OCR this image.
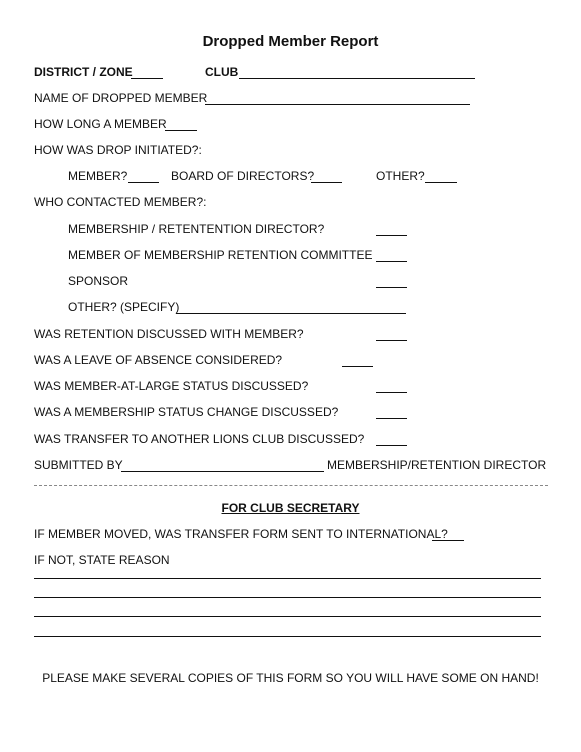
Dropped Member Report
DISTRICT / ZONE	CLUB
NAME OF DROPPED MEMBER
HOW LONG A MEMBER
HOW WAS DROP INITIATED?:
MEMBER?	BOARD OF DIRECTORS?	OTHER?
WHO CONTACTED MEMBER?:
MEMBERSHIP / RETENTENTION DIRECTOR?
MEMBER OF MEMBERSHIP RETENTION COMMITTEE
SPONSOR
OTHER? (SPECIFY)
WAS RETENTION DISCUSSED WITH MEMBER?
WAS A LEAVE OF ABSENCE CONSIDERED?
WAS MEMBER-AT-LARGE STATUS DISCUSSED?
WAS A MEMBERSHIP STATUS CHANGE DISCUSSED?
WAS TRANSFER TO ANOTHER LIONS CLUB DISCUSSED?
SUBMITTED BY	MEMBERSHIP/RETENTION DIRECTOR
FOR CLUB SECRETARY
IF MEMBER MOVED, WAS TRANSFER FORM SENT TO INTERNATIONAL?
IF NOT, STATE REASON
PLEASE MAKE SEVERAL COPIES OF THIS FORM SO YOU WILL HAVE SOME ON HAND!
